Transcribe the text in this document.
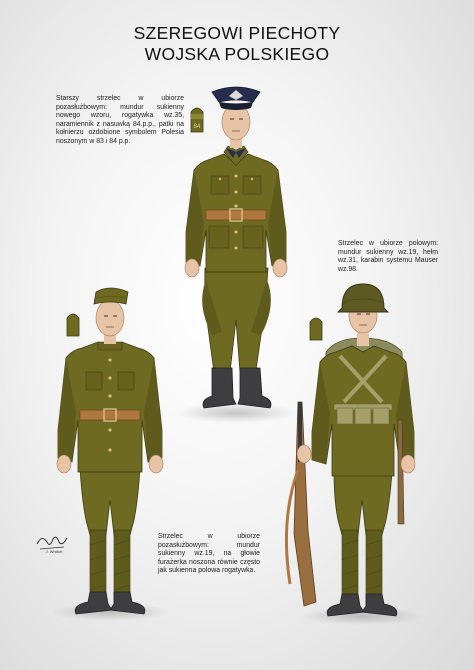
SZEREGOWI PIECHOTY
WOJSKA POLSKIEGO
Starszy strzelec w ubiorze pozasłużbowym: mundur sukienny nowego wzoru, rogatywka wz.35, naramiennik z nasuwką 84.p.p., patki na kołnierzu ozdobione symbolem Polesia noszonym w 83 i 84 p.p.
Strzelec w ubiorze polowym: mundur sukienny wz.19, hełm wz.31, karabin systemu Mauser wz.98.
Strzelec w ubiorze pozasłużbowym: mundur sukienny wz.19, na głowie furażerka noszona równie często jak sukienna polowa rogatywka.
84
J. Wróbel
